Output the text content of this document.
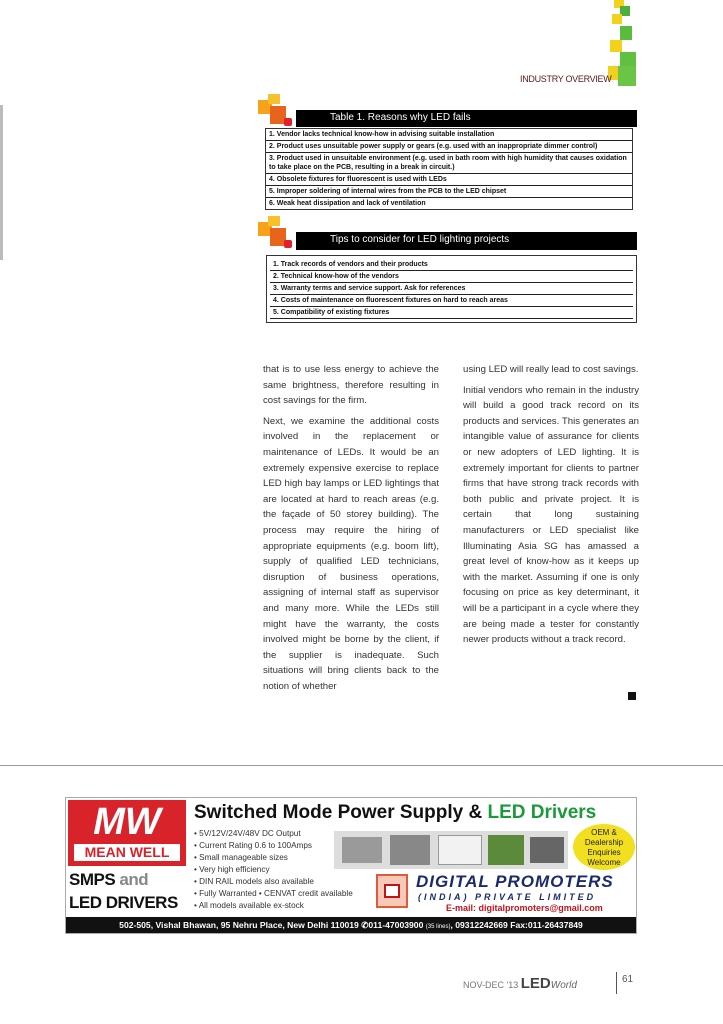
INDUSTRY OVERVIEW
Table 1. Reasons why LED fails
1. Vendor lacks technical know-how in advising suitable installation
2. Product uses unsuitable power supply or gears (e.g. used with an inappropriate dimmer control)
3. Product used in unsuitable environment (e.g. used in bath room with high humidity that causes oxidation to take place on the PCB, resulting in a break in circuit.)
4. Obsolete fixtures for fluorescent is used with LEDs
5. Improper soldering of internal wires from the PCB to the LED chipset
6. Weak heat dissipation and lack of ventilation
Tips to consider for LED lighting projects
1. Track records of vendors and their products
2. Technical know-how of the vendors
3. Warranty terms and service support. Ask for references
4. Costs of maintenance on fluorescent fixtures on hard to reach areas
5. Compatibility of existing fixtures

that is to use less energy to achieve the same brightness, therefore resulting in cost savings for the firm.

Next, we examine the additional costs involved in the replacement or maintenance of LEDs. It would be an extremely expensive exercise to replace LED high bay lamps or LED lightings that are located at hard to reach areas (e.g. the façade of 50 storey building). The process may require the hiring of appropriate equipments (e.g. boom lift), supply of qualified LED technicians, disruption of business operations, assigning of internal staff as supervisor and many more. While the LEDs still might have the warranty, the costs involved might be borne by the client, if the supplier is inadequate. Such situations will bring clients back to the notion of whether

using LED will really lead to cost savings.

Initial vendors who remain in the industry will build a good track record on its products and services. This generates an intangible value of assurance for clients or new adopters of LED lighting. It is extremely important for clients to partner firms that have strong track records with both public and private project. It is certain that long sustaining manufacturers or LED specialist like Illuminating Asia SG has amassed a great level of know-how as it keeps up with the market. Assuming if one is only focusing on price as key determinant, it will be a participant in a cycle where they are being made a tester for constantly newer products without a track record.

MW
MEAN WELL
SMPS and
LED DRIVERS
Switched Mode Power Supply & LED Drivers
• 5V/12V/24V/48V DC Output
• Current Rating 0.6 to 100Amps
• Small manageable sizes
• Very high efficiency
• DIN RAIL models also available
• Fully Warranted • CENVAT credit available
• All models available ex-stock
OEM & Dealership Enquiries Welcome
DIGITAL PROMOTERS
(INDIA) PRIVATE LIMITED
E-mail: digitalpromoters@gmail.com
502-505, Vishal Bhawan, 95 Nehru Place, New Delhi 110019 ✆011-47003900 (35 lines), 09312242669 Fax:011-26437849
NOV-DEC '13 LEDWorld
61
